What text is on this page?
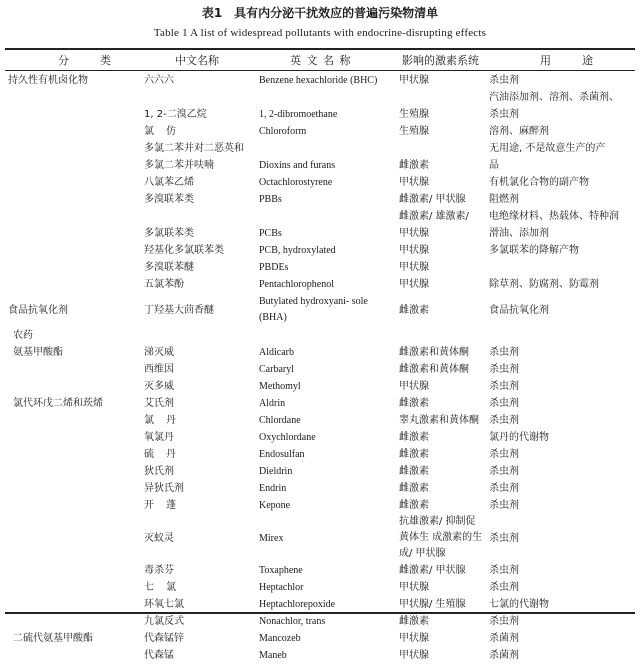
表1　具有内分泌干扰效应的普遍污染物清单
Table 1 A list of widespread pollutants with endocrine-disrupting effects
分　类	中文名称	英 文 名 称	影响的激素系统	用　途
持久性有机卤化物	六六六	Benzene hexachloride (BHC)	甲状腺	杀虫剂
				汽油添加剂、溶剂、杀菌剂、
	1, 2-二溴乙烷	1, 2-dibromoethane	生殖腺	杀虫剂
	氯　仿	Chloroform	生殖腺	溶剂、麻醉剂
	多氯二苯并对二恶英和			无用途, 不是故意生产的产
	多氯二苯并呋喃	Dioxins and furans	雌激素	品
	八氯苯乙烯	Octachlorostyrene	甲状腺	有机氯化合物的副产物
	多溴联苯类	PBBs	雌激素/ 甲状腺	阻燃剂
			雌激素/ 雄激素/	电绝缘材料、热载体、特种润
	多氯联苯类	PCBs	甲状腺	滑油、添加剂
	羟基化多氯联苯类	PCB, hydroxylated	甲状腺	多氯联苯的降解产物
	多溴联苯醚	PBDEs	甲状腺	
	五氯苯酚	Pentachlorophenol	甲状腺	除草剂、防腐剂、防霉剂
食品抗氧化剂	丁羟基大茴香醚	Butylated hydroxyani- sole (BHA)	雌激素	食品抗氧化剂
农药				
氨基甲酸酯	涕灭威	Aldicarb	雌激素和黄体酮	杀虫剂
	西维因	Carbaryl	雌激素和黄体酮	杀虫剂
	灭多威	Methomyl	甲状腺	杀虫剂
氯代环戊二烯和莰烯	艾氏剂	Aldrin	雌激素	杀虫剂
	氯　丹	Chlordane	睾丸激素和黄体酮	杀虫剂
	氧氯丹	Oxychlordane	雌激素	氯丹的代谢物
	硫　丹	Endosulfan	雌激素	杀虫剂
	狄氏剂	Dieldrin	雌激素	杀虫剂
	异狄氏剂	Endrin	雌激素	杀虫剂
	开　蓬	Kepone	雌激素	杀虫剂
	灭蚁灵	Mirex	抗雄激素/ 抑制促黄体生 成激素的生成/ 甲状腺	杀虫剂
	毒杀芬	Toxaphene	雌激素/ 甲状腺	杀虫剂
	七　氯	Heptachlor	甲状腺	杀虫剂
	环氧七氯	Heptachlorepoxide	甲状腺/ 生殖腺	七氯的代谢物
	九氯反式	Nonachlor, trans	雌激素	杀虫剂
二硫代氨基甲酸酯	代森锰锌	Mancozeb	甲状腺	杀菌剂
	代森锰	Maneb	甲状腺	杀菌剂
